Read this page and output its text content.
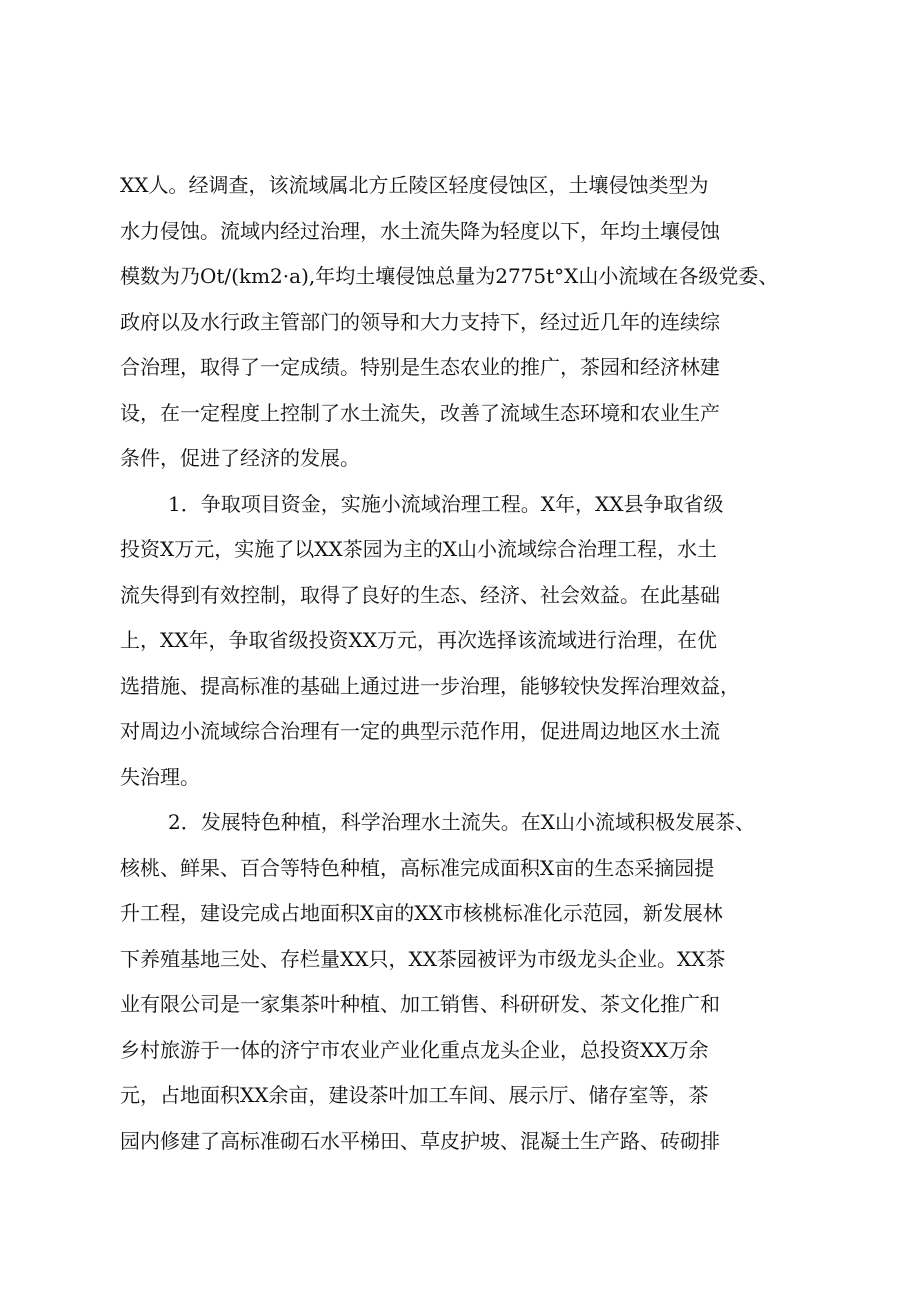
XX人。经调查，该流域属北方丘陵区轻度侵蚀区，土壤侵蚀类型为
水力侵蚀。流域内经过治理，水土流失降为轻度以下，年均土壤侵蚀
模数为乃Ot/(km2·a),年均土壤侵蚀总量为2775t°X山小流域在各级党委、
政府以及水行政主管部门的领导和大力支持下，经过近几年的连续综
合治理，取得了一定成绩。特别是生态农业的推广，茶园和经济林建
设，在一定程度上控制了水土流失，改善了流域生态环境和农业生产
条件，促进了经济的发展。
1．争取项目资金，实施小流域治理工程。X年，XX县争取省级
投资X万元，实施了以XX茶园为主的X山小流域综合治理工程，水土
流失得到有效控制，取得了良好的生态、经济、社会效益。在此基础
上，XX年，争取省级投资XX万元，再次选择该流域进行治理，在优
选措施、提高标准的基础上通过进一步治理，能够较快发挥治理效益，
对周边小流域综合治理有一定的典型示范作用，促进周边地区水土流
失治理。
2．发展特色种植，科学治理水土流失。在X山小流域积极发展茶、
核桃、鲜果、百合等特色种植，高标准完成面积X亩的生态采摘园提
升工程，建设完成占地面积X亩的XX市核桃标准化示范园，新发展林
下养殖基地三处、存栏量XX只，XX茶园被评为市级龙头企业。XX茶
业有限公司是一家集茶叶种植、加工销售、科研研发、茶文化推广和
乡村旅游于一体的济宁市农业产业化重点龙头企业，总投资XX万余
元，占地面积XX余亩，建设茶叶加工车间、展示厅、储存室等，茶
园内修建了高标准砌石水平梯田、草皮护坡、混凝土生产路、砖砌排
